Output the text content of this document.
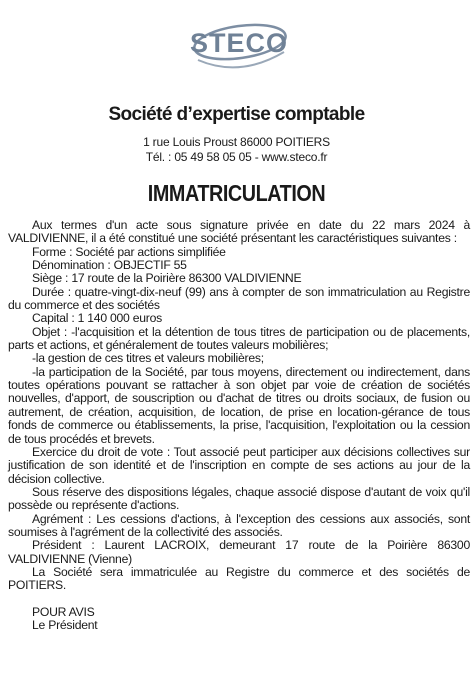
STECO
Société d’expertise comptable
1 rue Louis Proust 86000 POITIERS
Tél. : 05 49 58 05 05 - www.steco.fr
IMMATRICULATION

Aux termes d'un acte sous signature privée en date du 22 mars 2024 à VALDIVIENNE, il a été constitué une société présentant les caractéristiques suivantes :

Forme : Société par actions simplifiée

Dénomination : OBJECTIF 55

Siège : 17 route de la Poirière 86300 VALDIVIENNE

Durée : quatre-vingt-dix-neuf (99) ans à compter de son immatriculation au Registre du commerce et des sociétés

Capital : 1 140 000 euros

Objet : -l'acquisition et la détention de tous titres de participation ou de placements, parts et actions, et généralement de toutes valeurs mobilières;

-la gestion de ces titres et valeurs mobilières;

-la participation de la Société, par tous moyens, directement ou indirectement, dans toutes opérations pouvant se rattacher à son objet par voie de création de sociétés nouvelles, d'apport, de souscription ou d'achat de titres ou droits sociaux, de fusion ou autrement, de création, acquisition, de location, de prise en location-gérance de tous fonds de commerce ou établissements, la prise, l'acquisition, l'exploitation ou la cession de tous procédés et brevets.

Exercice du droit de vote : Tout associé peut participer aux décisions collectives sur justification de son identité et de l'inscription en compte de ses actions au jour de la décision collective.

Sous réserve des dispositions légales, chaque associé dispose d'autant de voix qu'il possède ou représente d'actions.

Agrément : Les cessions d'actions, à l'exception des cessions aux associés, sont soumises à l'agrément de la collectivité des associés.

Président : Laurent LACROIX, demeurant 17 route de la Poirière 86300 VALDIVIENNE (Vienne)

La Société sera immatriculée au Registre du commerce et des sociétés de POITIERS.

POUR AVIS

Le Président
